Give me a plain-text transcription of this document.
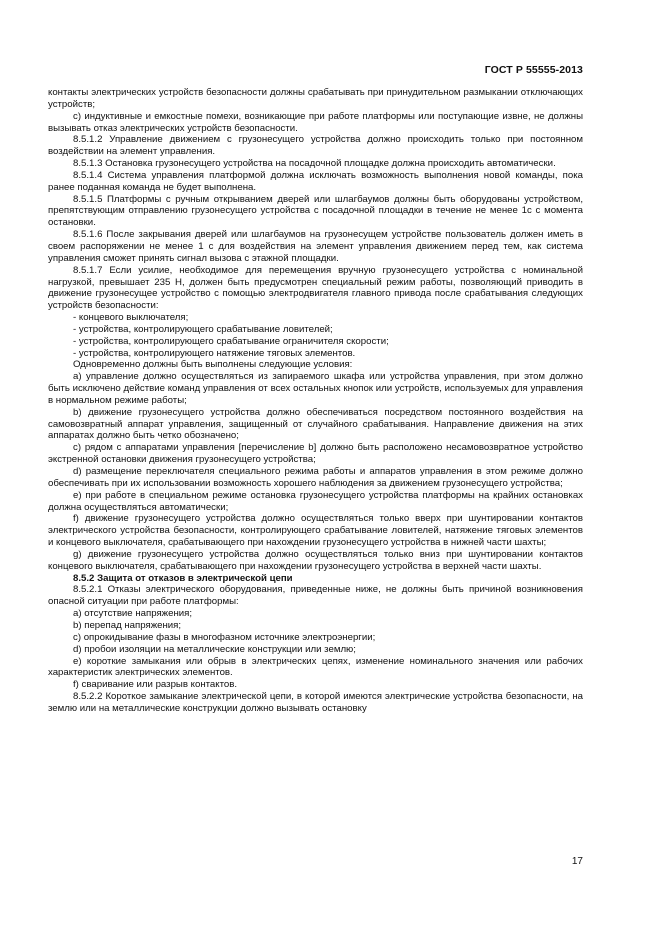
ГОСТ Р 55555-2013

контакты электрических устройств безопасности должны срабатывать при принудительном размыкании отключающих устройств;

c) индуктивные и емкостные помехи, возникающие при работе платформы или поступающие извне, не должны вызывать отказ электрических устройств безопасности.

8.5.1.2 Управление движением с грузонесущего устройства должно происходить только при постоянном воздействии на элемент управления.

8.5.1.3 Остановка грузонесущего устройства на посадочной площадке должна происходить автоматически.

8.5.1.4 Система управления платформой должна исключать возможность выполнения новой команды, пока ранее поданная команда не будет выполнена.

8.5.1.5 Платформы с ручным открыванием дверей или шлагбаумов должны быть оборудованы устройством, препятствующим отправлению грузонесущего устройства с посадочной площадки в течение не менее 1с с момента остановки.

8.5.1.6 После закрывания дверей или шлагбаумов на грузонесущем устройстве пользователь должен иметь в своем распоряжении не менее 1 с для воздействия на элемент управления движением перед тем, как система управления сможет принять сигнал вызова с этажной площадки.

8.5.1.7 Если усилие, необходимое для перемещения вручную грузонесущего устройства с номинальной нагрузкой, превышает 235 Н, должен быть предусмотрен специальный режим работы, позволяющий приводить в движение грузонесущее устройство с помощью электродвигателя главного привода после срабатывания следующих устройств безопасности:

- концевого выключателя;

- устройства, контролирующего срабатывание ловителей;

- устройства, контролирующего срабатывание ограничителя скорости;

- устройства, контролирующего натяжение тяговых элементов.

Одновременно должны быть выполнены следующие условия:

a) управление должно осуществляться из запираемого шкафа или устройства управления, при этом должно быть исключено действие команд управления от всех остальных кнопок или устройств, используемых для управления в нормальном режиме работы;

b) движение грузонесущего устройства должно обеспечиваться посредством постоянного воздействия на самовозвратный аппарат управления, защищенный от случайного срабатывания. Направление движения на этих аппаратах должно быть четко обозначено;

c) рядом с аппаратами управления [перечисление b] должно быть расположено несамовозвратное устройство экстренной остановки движения грузонесущего устройства;

d) размещение переключателя специального режима работы и аппаратов управления в этом режиме должно обеспечивать при их использовании возможность хорошего наблюдения за движением грузонесущего устройства;

e) при работе в специальном режиме остановка грузонесущего устройства платформы на крайних остановках должна осуществляться автоматически;

f) движение грузонесущего устройства должно осуществляться только вверх при шунтировании контактов электрического устройства безопасности, контролирующего срабатывание ловителей, натяжение тяговых элементов и концевого выключателя, срабатывающего при нахождении грузонесущего устройства в нижней части шахты;

g) движение грузонесущего устройства должно осуществляться только вниз при шунтировании контактов концевого выключателя, срабатывающего при нахождении грузонесущего устройства в верхней части шахты.

8.5.2 Защита от отказов в электрической цепи

8.5.2.1 Отказы электрического оборудования, приведенные ниже, не должны быть причиной возникновения опасной ситуации при работе платформы:

a) отсутствие напряжения;

b) перепад напряжения;

c) опрокидывание фазы в многофазном источнике электроэнергии;

d) пробои изоляции на металлические конструкции или землю;

e) короткие замыкания или обрыв в электрических цепях, изменение номинального значения или рабочих характеристик электрических элементов.

f) сваривание или разрыв контактов.

8.5.2.2 Короткое замыкание электрической цепи, в которой имеются электрические устройства безопасности, на землю или на металлические конструкции должно вызывать остановку

17
